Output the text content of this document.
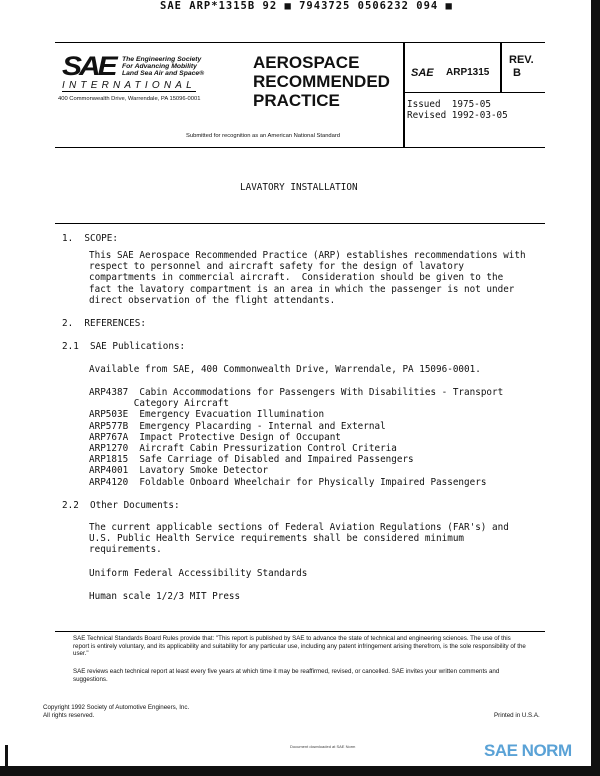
SAE ARP*1315B 92 ■ 7943725 0506232 094 ■
SAE The Engineering Society
For Advancing Mobility
Land Sea Air and Space®
INTERNATIONAL
400 Commonwealth Drive, Warrendale, PA 15096-0001
AEROSPACE
RECOMMENDED
PRACTICE
Submitted for recognition as an American National Standard
SAE ARP1315
REV.
B
Issued  1975-05
Revised 1992-03-05
LAVATORY INSTALLATION
1.  SCOPE:
This SAE Aerospace Recommended Practice (ARP) establishes recommendations with
respect to personnel and aircraft safety for the design of lavatory
compartments in commercial aircraft.  Consideration should be given to the
fact the lavatory compartment is an area in which the passenger is not under
direct observation of the flight attendants.
2.  REFERENCES:
2.1  SAE Publications:
Available from SAE, 400 Commonwealth Drive, Warrendale, PA 15096-0001.
ARP4387 Cabin Accommodations for Passengers With Disabilities - Transport
Category Aircraft
ARP503E Emergency Evacuation Illumination
ARP577B Emergency Placarding - Internal and External
ARP767A Impact Protective Design of Occupant
ARP1270 Aircraft Cabin Pressurization Control Criteria
ARP1815 Safe Carriage of Disabled and Impaired Passengers
ARP4001 Lavatory Smoke Detector
ARP4120 Foldable Onboard Wheelchair for Physically Impaired Passengers
2.2  Other Documents:
The current applicable sections of Federal Aviation Regulations (FAR's) and
U.S. Public Health Service requirements shall be considered minimum
requirements.
Uniform Federal Accessibility Standards
Human scale 1/2/3 MIT Press
SAE Technical Standards Board Rules provide that: "This report is published by SAE to advance the state of technical and engineering sciences. The use of this report is entirely voluntary, and its applicability and suitability for any particular use, including any patent infringement arising therefrom, is the sole responsibility of the user."
SAE reviews each technical report at least every five years at which time it may be reaffirmed, revised, or cancelled. SAE invites your written comments and suggestions.
Copyright 1992 Society of Automotive Engineers, Inc.
All rights reserved.	Printed in U.S.A.
Document downloaded at SAE Norm	SAE NORM
